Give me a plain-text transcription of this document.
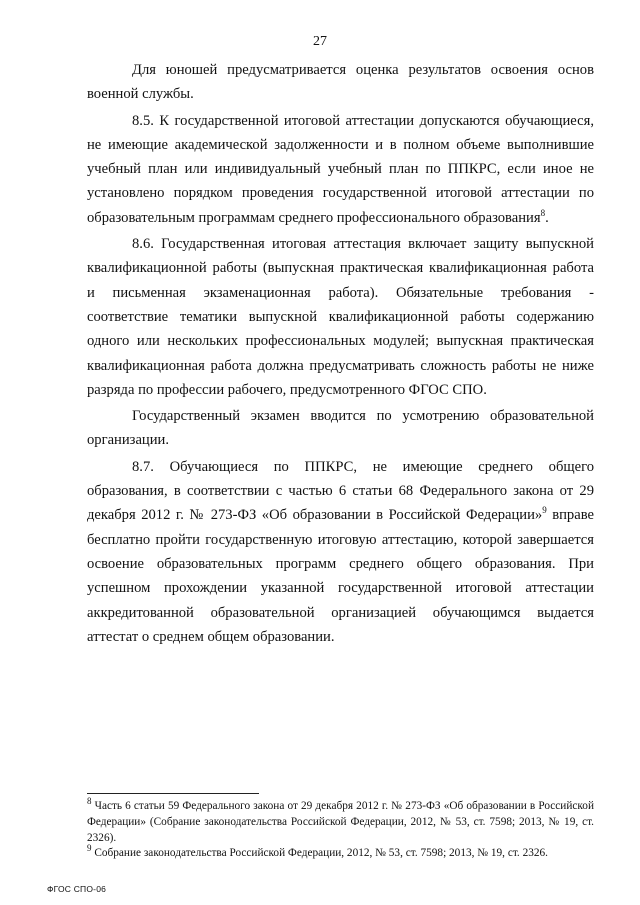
27

Для юношей предусматривается оценка результатов освоения основ военной службы.

8.5. К государственной итоговой аттестации допускаются обучающиеся, не имеющие академической задолженности и в полном объеме выполнившие учебный план или индивидуальный учебный план по ППКРС, если иное не установлено порядком проведения государственной итоговой аттестации по образовательным программам среднего профессионального образования$^8$.

8.6. Государственная итоговая аттестация включает защиту выпускной квалификационной работы (выпускная практическая квалификационная работа и письменная экзаменационная работа). Обязательные требования - соответствие тематики выпускной квалификационной работы содержанию одного или нескольких профессиональных модулей; выпускная практическая квалификационная работа должна предусматривать сложность работы не ниже разряда по профессии рабочего, предусмотренного ФГОС СПО.

Государственный экзамен вводится по усмотрению образовательной организации.

8.7. Обучающиеся по ППКРС, не имеющие среднего общего образования, в соответствии с частью 6 статьи 68 Федерального закона от 29 декабря 2012 г. № 273-ФЗ «Об образовании в Российской Федерации»$^9$ вправе бесплатно пройти государственную итоговую аттестацию, которой завершается освоение образовательных программ среднего общего образования. При успешном прохождении указанной государственной итоговой аттестации аккредитованной образовательной организацией обучающимся выдается аттестат о среднем общем образовании.

$^8$ Часть 6 статьи 59 Федерального закона от 29 декабря 2012 г. № 273-ФЗ «Об образовании в Российской Федерации» (Собрание законодательства Российской Федерации, 2012, № 53, ст. 7598; 2013, № 19, ст. 2326).

$^9$ Собрание законодательства Российской Федерации, 2012, № 53, ст. 7598; 2013, № 19, ст. 2326.

ФГОС СПО-06
